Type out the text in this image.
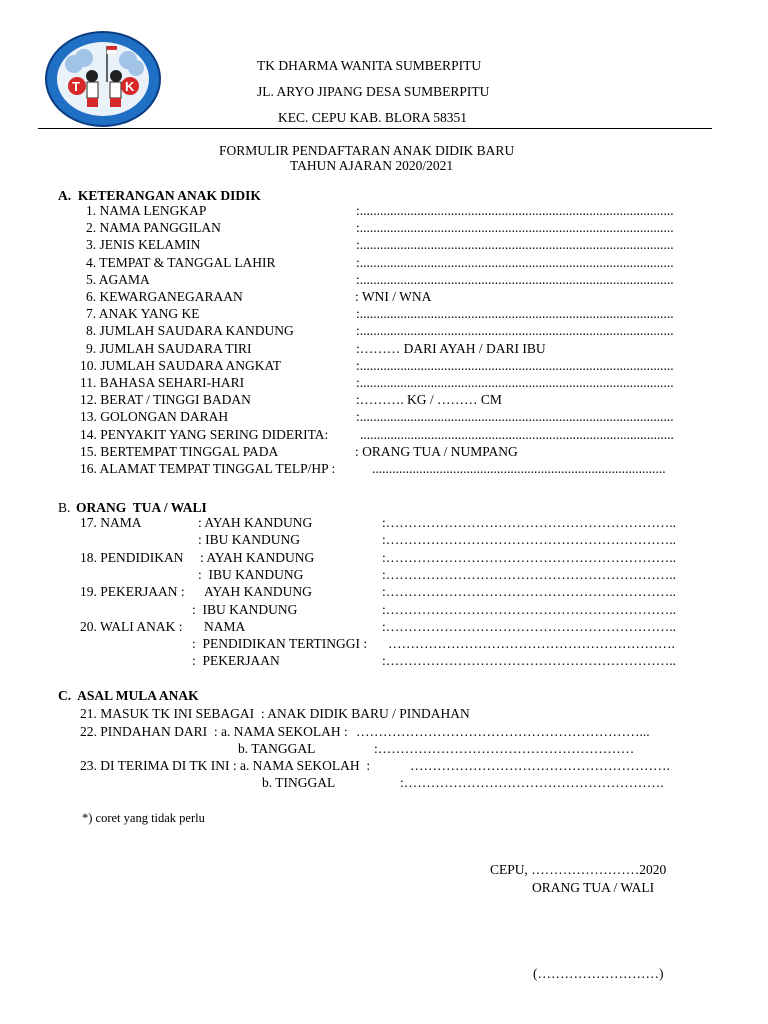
T	K
TK DHARMA WANITA SUMBERPITU
JL. ARYO JIPANG DESA SUMBERPITU
KEC. CEPU KAB. BLORA 58351
FORMULIR PENDAFTARAN ANAK DIDIK BARU
TAHUN AJARAN 2020/2021
A.  KETERANGAN ANAK DIDIK
1. NAMA LENGKAP	:.............................................................................................
2. NAMA PANGGILAN	:.............................................................................................
3. JENIS KELAMIN	:.............................................................................................
4. TEMPAT & TANGGAL LAHIR	:.............................................................................................
5. AGAMA	:.............................................................................................
6. KEWARGANEGARAAN	: WNI / WNA
7. ANAK YANG KE	:.............................................................................................
8. JUMLAH SAUDARA KANDUNG	:.............................................................................................
9. JUMLAH SAUDARA TIRI	:……… DARI AYAH / DARI IBU
10. JUMLAH SAUDARA ANGKAT	:.............................................................................................
11. BAHASA SEHARI-HARI	:.............................................................................................
12. BERAT / TINGGI BADAN	:………. KG / ……… CM
13. GOLONGAN DARAH	:.............................................................................................
14. PENYAKIT YANG SERING DIDERITA: .............................................................................................
15. BERTEMPAT TINGGAL PADA	: ORANG TUA / NUMPANG
16. ALAMAT TEMPAT TINGGAL TELP/HP :	.......................................................................................
B. ORANG  TUA / WALI
17. NAMA	: AYAH KANDUNG	:………………………………………………………..
: IBU KANDUNG	:………………………………………………………..
18. PENDIDIKAN : AYAH KANDUNG	:………………………………………………………..
:  IBU KANDUNG	:………………………………………………………..
19. PEKERJAAN : AYAH KANDUNG	:………………………………………………………..
:  IBU KANDUNG	:………………………………………………………..
20. WALI ANAK : NAMA	:………………………………………………………..
:  PENDIDIKAN TERTINGGI : ……………………………………………………….
:  PEKERJAAN	:………………………………………………………..
C.  ASAL MULA ANAK
21. MASUK TK INI SEBAGAI  : ANAK DIDIK BARU / PINDAHAN
22. PINDAHAN DARI  : a. NAMA SEKOLAH : ………………………………………………………...
b. TANGGAL	:…………………………………………………
23. DI TERIMA DI TK INI : a. NAMA SEKOLAH  :	………………………………………………….
b. TINGGAL	:………………………………………………….
*) coret yang tidak perlu
CEPU, ……………………2020
ORANG TUA / WALI
(………………………)
